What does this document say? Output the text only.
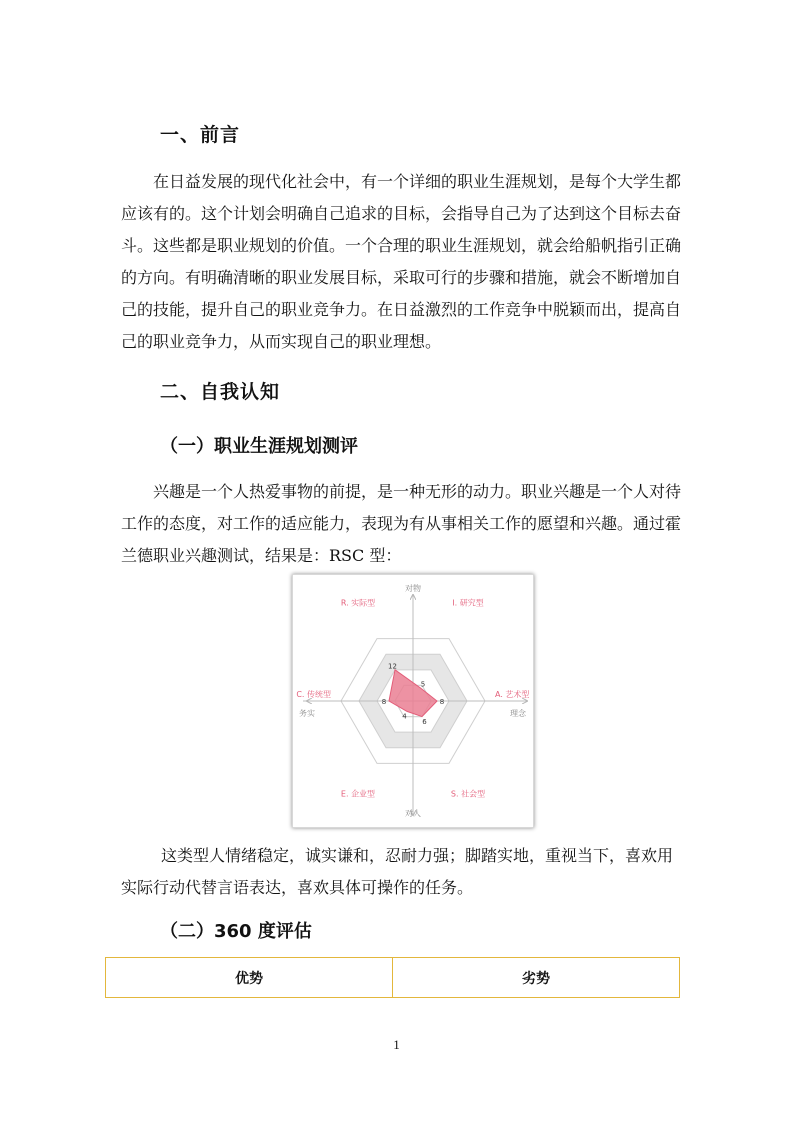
一、前言
在日益发展的现代化社会中，有一个详细的职业生涯规划，是每个大学生都
应该有的。这个计划会明确自己追求的目标，会指导自己为了达到这个目标去奋
斗。这些都是职业规划的价值。一个合理的职业生涯规划，就会给船帆指引正确
的方向。有明确清晰的职业发展目标，采取可行的步骤和措施，就会不断增加自
己的技能，提升自己的职业竞争力。在日益激烈的工作竞争中脱颖而出，提高自
己的职业竞争力，从而实现自己的职业理想。
二、自我认知
（一）职业生涯规划测评
兴趣是一个人热爱事物的前提，是一种无形的动力。职业兴趣是一个人对待
工作的态度，对工作的适应能力，表现为有从事相关工作的愿望和兴趣。通过霍
兰德职业兴趣测试，结果是：RSC 型：
对物
对人
务实	理念
12
5
8
6
4
8
R. 实际型	I. 研究型
A. 艺术型
S. 社会型
E. 企业型
C. 传统型
这类型人情绪稳定，诚实谦和，忍耐力强；脚踏实地，重视当下，喜欢用
实际行动代替言语表达，喜欢具体可操作的任务。
（二）360 度评估
优势	劣势
1
